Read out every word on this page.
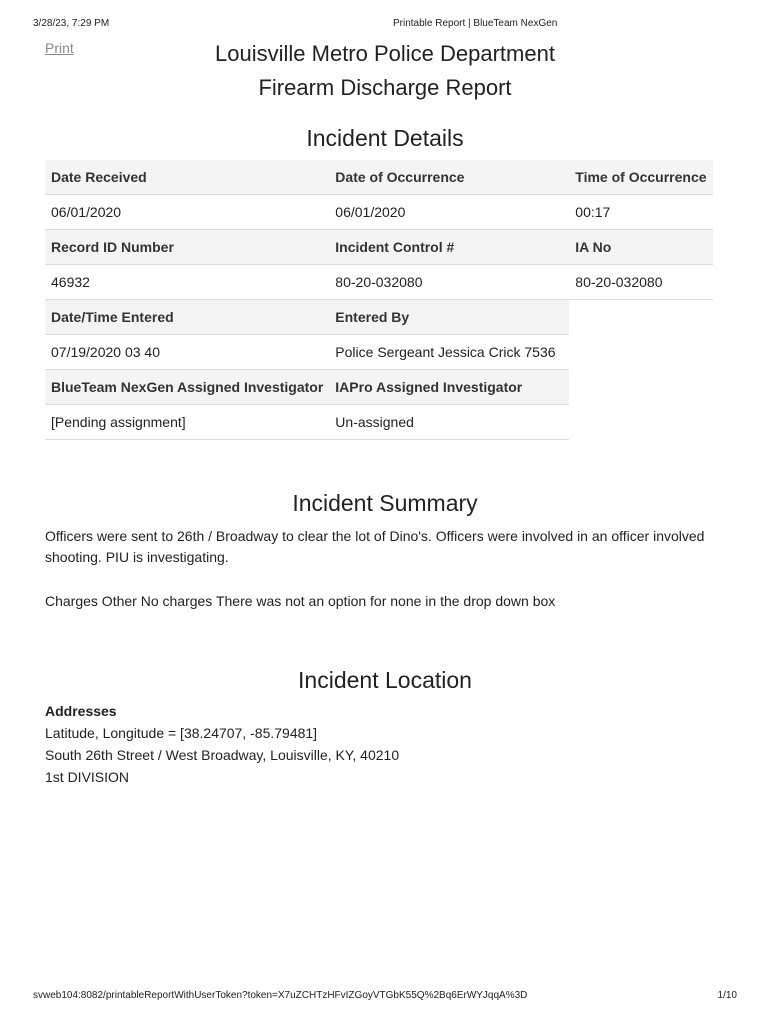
3/28/23, 7:29 PM	Printable Report | BlueTeam NexGen
Print	Louisville Metro Police Department
Firearm Discharge Report
Incident Details
Date Received	Date of Occurrence	Time of Occurrence
06/01/2020	06/01/2020	00:17
Record ID Number	Incident Control #	IA No
46932	80-20-032080	80-20-032080
Date/Time Entered	Entered By	
07/19/2020 03 40	Police Sergeant Jessica Crick 7536	
BlueTeam NexGen Assigned Investigator	IAPro Assigned Investigator	
[Pending assignment]	Un-assigned	
Incident Summary
Officers were sent to 26th / Broadway to clear the lot of Dino's. Officers were involved in an officer involved shooting. PIU is investigating.
Charges Other No charges There was not an option for none in the drop down box
Incident Location
Addresses
Latitude, Longitude = [38.24707, -85.79481]
South 26th Street / West Broadway, Louisville, KY, 40210
1st DIVISION
svweb104:8082/printableReportWithUserToken?token=X7uZCHTzHFvIZGoyVTGbK55Q%2Bq6ErWYJqqA%3D	1/10
